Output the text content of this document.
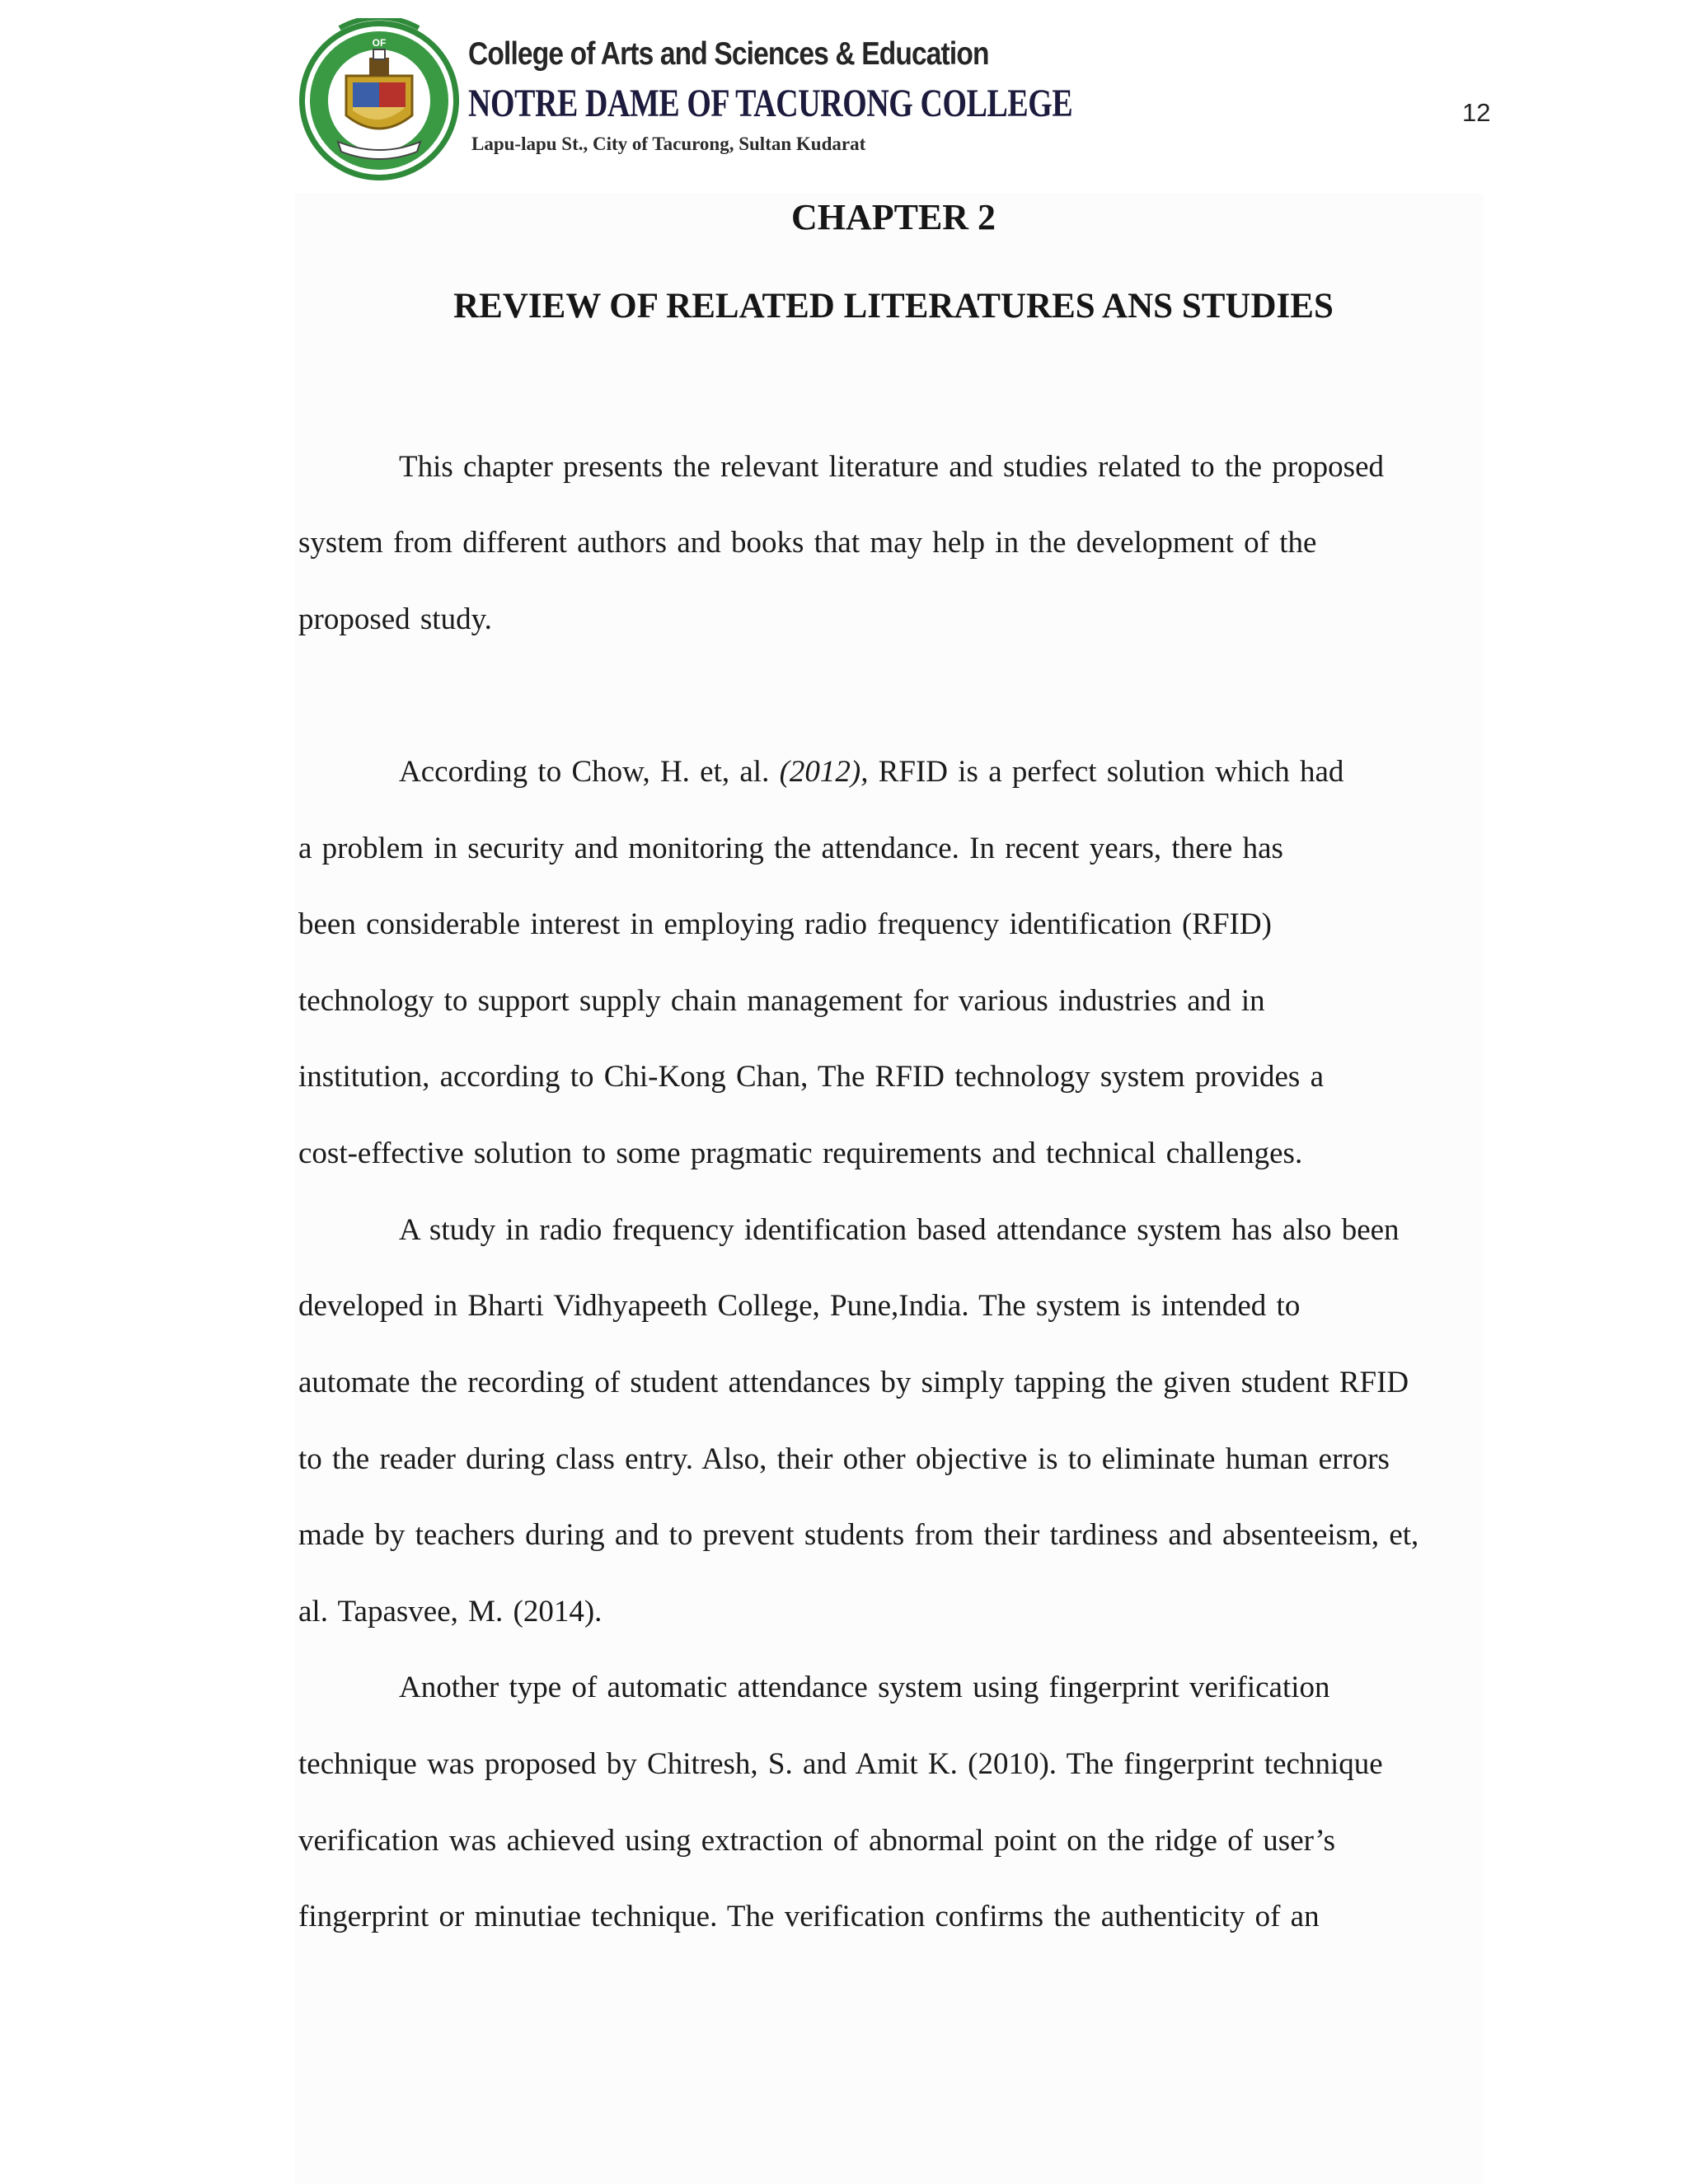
OF	College of Arts and Sciences & Education
NOTRE DAME OF TACURONG COLLEGE
Lapu-lapu St., City of Tacurong, Sultan Kudarat
12
CHAPTER 2
REVIEW OF RELATED LITERATURES ANS STUDIES
This chapter presents the relevant literature and studies related to the proposed
system from different authors and books that may help in the development of the
proposed study.
According to Chow, H. et, al. (2012), RFID is a perfect solution which had
a problem in security and monitoring the attendance. In recent years, there has
been considerable interest in employing radio frequency identification (RFID)
technology to support supply chain management for various industries and in
institution, according to Chi-Kong Chan, The RFID technology system provides a
cost-effective solution to some pragmatic requirements and technical challenges.
A study in radio frequency identification based attendance system has also been
developed in Bharti Vidhyapeeth College, Pune,India. The system is intended to
automate the recording of student attendances by simply tapping the given student RFID
to the reader during class entry. Also, their other objective is to eliminate human errors
made by teachers during and to prevent students from their tardiness and absenteeism, et,
al. Tapasvee, M. (2014).
Another type of automatic attendance system using fingerprint verification
technique was proposed by Chitresh, S. and Amit K. (2010). The fingerprint technique
verification was achieved using extraction of abnormal point on the ridge of user’s
fingerprint or minutiae technique. The verification confirms the authenticity of an
